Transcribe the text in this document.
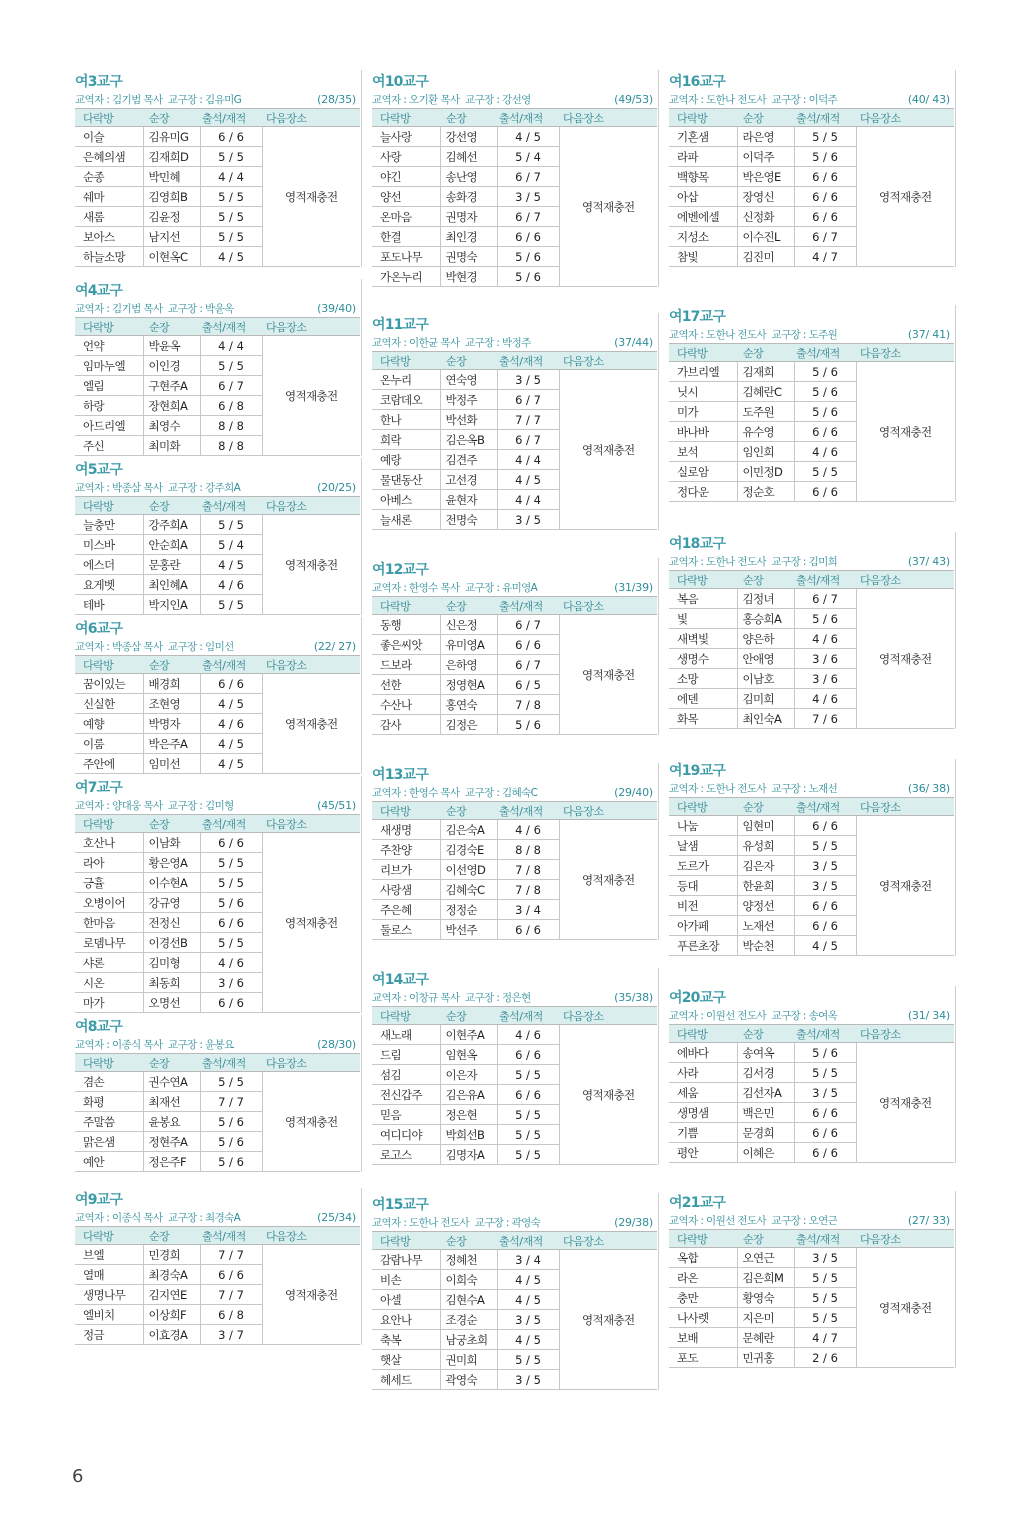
여3교구
교역자 : 김기범 목사 교구장 : 김유미G	(28/35)
다락방	순장	출석/재적	다음장소
이슬	김유미G	6 / 6	영적재충전
은혜의샘	김재희D	5 / 5	
순종	박민혜	4 / 4	
쉐마	김영희B	5 / 5	
새롬	김윤정	5 / 5	
보아스	남지선	5 / 5	
하늘소망	이현옥C	4 / 5	
여4교구
교역자 : 김기범 목사 교구장 : 박윤옥	(39/40)
다락방	순장	출석/재적	다음장소
언약	박윤옥	4 / 4	영적재충전
임마누엘	이인경	5 / 5	
엘림	구현주A	6 / 7	
하랑	장현희A	6 / 8	
아드리엘	최영수	8 / 8	
주신	최미화	8 / 8	
여5교구
교역자 : 박종삼 목사 교구장 : 강주희A	(20/25)
다락방	순장	출석/재적	다음장소
늘충만	강주희A	5 / 5	영적재충전
미스바	안순희A	5 / 4	
에스더	문홍란	4 / 5	
요게벳	최인혜A	4 / 6	
테바	박지인A	5 / 5	
여6교구
교역자 : 박종삼 목사 교구장 : 임미선	(22/ 27)
다락방	순장	출석/재적	다음장소
꿈이있는	배경희	6 / 6	영적재충전
신실한	조현영	4 / 5	
예향	박명자	4 / 6	
이룸	박은주A	4 / 5	
주안에	임미선	4 / 5	
여7교구
교역자 : 양대웅 목사 교구장 : 김미형	(45/51)
다락방	순장	출석/재적	다음장소
호산나	이남화	6 / 6	영적재충전
라아	황은영A	5 / 5	
긍휼	이수현A	5 / 5	
오병이어	강규영	5 / 6	
한마음	전정신	6 / 6	
로뎀나무	이경선B	5 / 5	
샤론	김미형	4 / 6	
시온	최동희	3 / 6	
마가	오명선	6 / 6	
여8교구
교역자 : 이종식 목사 교구장 : 윤봉요	(28/30)
다락방	순장	출석/재적	다음장소
겸손	권수연A	5 / 5	영적재충전
화평	최재선	7 / 7	
주말씀	윤봉요	5 / 6	
맑은샘	정현주A	5 / 6	
예안	정은주F	5 / 6	
여9교구
교역자 : 이종식 목사 교구장 : 최경숙A	(25/34)
다락방	순장	출석/재적	다음장소
브엘	민경희	7 / 7	영적재충전
열매	최경숙A	6 / 6	
생명나무	김지연E	7 / 7	
엘비치	이상희F	6 / 8	
정금	이효경A	3 / 7	
여10교구
교역자 : 오기환 목사 교구장 : 강선영	(49/53)
다락방	순장	출석/재적	다음장소
늘사랑	강선영	4 / 5	영적재충전
사랑	김혜선	5 / 4	
야긴	송난영	6 / 7	
양선	송화경	3 / 5	
온마음	권명자	6 / 7	
한결	최인경	6 / 6	
포도나무	권명숙	5 / 6	
가온누리	박현경	5 / 6	
여11교구
교역자 : 이한균 목사 교구장 : 박정주	(37/44)
다락방	순장	출석/재적	다음장소
온누리	연숙영	3 / 5	영적재충전
코람데오	박정주	6 / 7	
한나	박선화	7 / 7	
희락	김은옥B	6 / 7	
예랑	김견주	4 / 4	
물댄동산	고선경	4 / 5	
아베스	윤현자	4 / 4	
늘새론	전명숙	3 / 5	
여12교구
교역자 : 한영수 목사 교구장 : 유미영A	(31/39)
다락방	순장	출석/재적	다음장소
동행	신은정	6 / 7	영적재충전
좋은씨앗	유미영A	6 / 6	
드보라	은하영	6 / 7	
선한	정영현A	6 / 5	
수산나	홍연숙	7 / 8	
감사	김정은	5 / 6	
여13교구
교역자 : 한영수 목사 교구장 : 김혜숙C	(29/40)
다락방	순장	출석/재적	다음장소
새생명	김은숙A	4 / 6	영적재충전
주찬양	김경숙E	8 / 8	
리브가	이선영D	7 / 8	
사랑샘	김혜숙C	7 / 8	
주은혜	정정순	3 / 4	
둘로스	박선주	6 / 6	
여14교구
교역자 : 이창규 목사 교구장 : 정은현	(35/38)
다락방	순장	출석/재적	다음장소
새노래	이현주A	4 / 6	영적재충전
드림	임현옥	6 / 6	
섬김	이은자	5 / 5	
전신갑주	김은유A	6 / 6	
믿음	정은현	5 / 5	
여디디야	박희선B	5 / 5	
로고스	김명자A	5 / 5	
여15교구
교역자 : 도한나 전도사 교구장 : 곽영숙	(29/38)
다락방	순장	출석/재적	다음장소
감람나무	정혜천	3 / 4	영적재충전
비손	이희숙	4 / 5	
아셀	김현수A	4 / 5	
요안나	조경순	3 / 5	
축복	남궁초희	4 / 5	
햇살	권미희	5 / 5	
헤세드	곽영숙	3 / 5	
여16교구
교역자 : 도한나 전도사 교구장 : 이덕주	(40/ 43)
다락방	순장	출석/재적	다음장소
기혼샘	라은영	5 / 5	영적재충전
라파	이덕주	5 / 6	
백향목	박은영E	6 / 6	
아삽	장영신	6 / 6	
에벤에셀	신정화	6 / 6	
지성소	이수진L	6 / 7	
참빛	김진미	4 / 7	
여17교구
교역자 : 도한나 전도사 교구장 : 도주원	(37/ 41)
다락방	순장	출석/재적	다음장소
가브리엘	김재희	5 / 6	영적재충전
닛시	김혜란C	5 / 6	
미가	도주원	5 / 6	
바나바	유수영	6 / 6	
보석	임인희	4 / 6	
실로암	이민정D	5 / 5	
정다운	정순호	6 / 6	
여18교구
교역자 : 도한나 전도사 교구장 : 김미희	(37/ 43)
다락방	순장	출석/재적	다음장소
복음	김정녀	6 / 7	영적재충전
빛	홍승희A	5 / 6	
새벽빛	양은하	4 / 6	
생명수	안애영	3 / 6	
소망	이남호	3 / 6	
에덴	김미희	4 / 6	
화목	최인숙A	7 / 6	
여19교구
교역자 : 도한나 전도사 교구장 : 노재선	(36/ 38)
다락방	순장	출석/재적	다음장소
나눔	임현미	6 / 6	영적재충전
날샘	유성희	5 / 5	
도르가	김은자	3 / 5	
등대	한윤희	3 / 5	
비전	양정선	6 / 6	
아가페	노재선	6 / 6	
푸른초장	박순천	4 / 5	
여20교구
교역자 : 이원선 전도사 교구장 : 송여옥	(31/ 34)
다락방	순장	출석/재적	다음장소
에바다	송여옥	5 / 6	영적재충전
사라	김서경	5 / 5	
세움	김선자A	3 / 5	
생명샘	백은민	6 / 6	
기쁨	문경희	6 / 6	
평안	이혜은	6 / 6	
여21교구
교역자 : 이원선 전도사 교구장 : 오연근	(27/ 33)
다락방	순장	출석/재적	다음장소
옥합	오연근	3 / 5	영적재충전
라온	김은희M	5 / 5	
충만	황영숙	5 / 5	
나사렛	지은미	5 / 5	
보배	문혜란	4 / 7	
포도	민귀홍	2 / 6	
6
